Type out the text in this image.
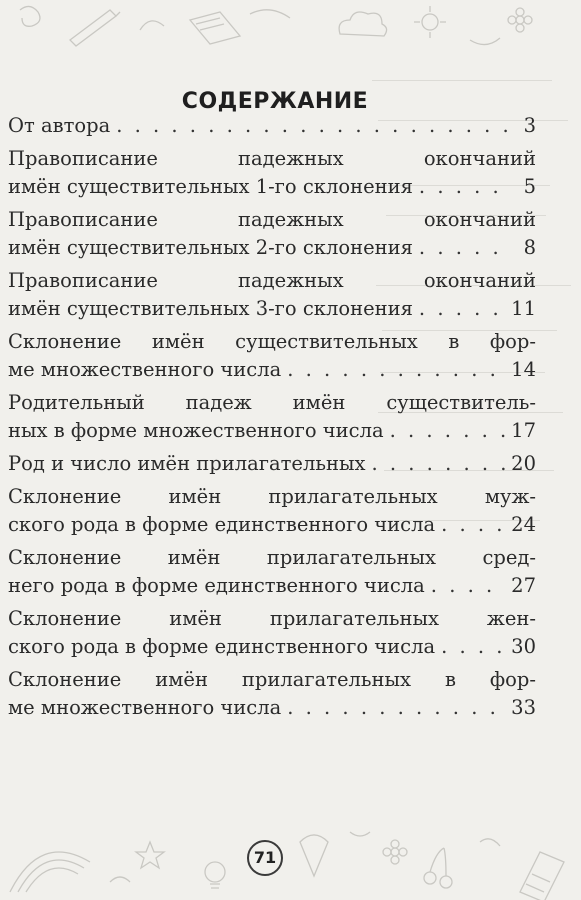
СОДЕРЖАНИЕ
От автора . . .	3
Правописание падежных окончаний
имён существительных 1-го склонения . . .	5
Правописание падежных окончаний
имён существительных 2-го склонения . . .	8
Правописание падежных окончаний
имён существительных 3-го склонения . . .	11
Склонение имён существительных в фор-
ме множественного числа . . .	14
Родительный падеж имён существитель-
ных в форме множественного числа . . .	17
Род и число имён прилагательных . . .	20
Склонение имён прилагательных муж-
ского рода в форме единственного числа . . .	24
Склонение имён прилагательных сред-
него рода в форме единственного числа . . .	27
Склонение имён прилагательных жен-
ского рода в форме единственного числа . . .	30
Склонение имён прилагательных в фор-
ме множественного числа . . .	33
71
